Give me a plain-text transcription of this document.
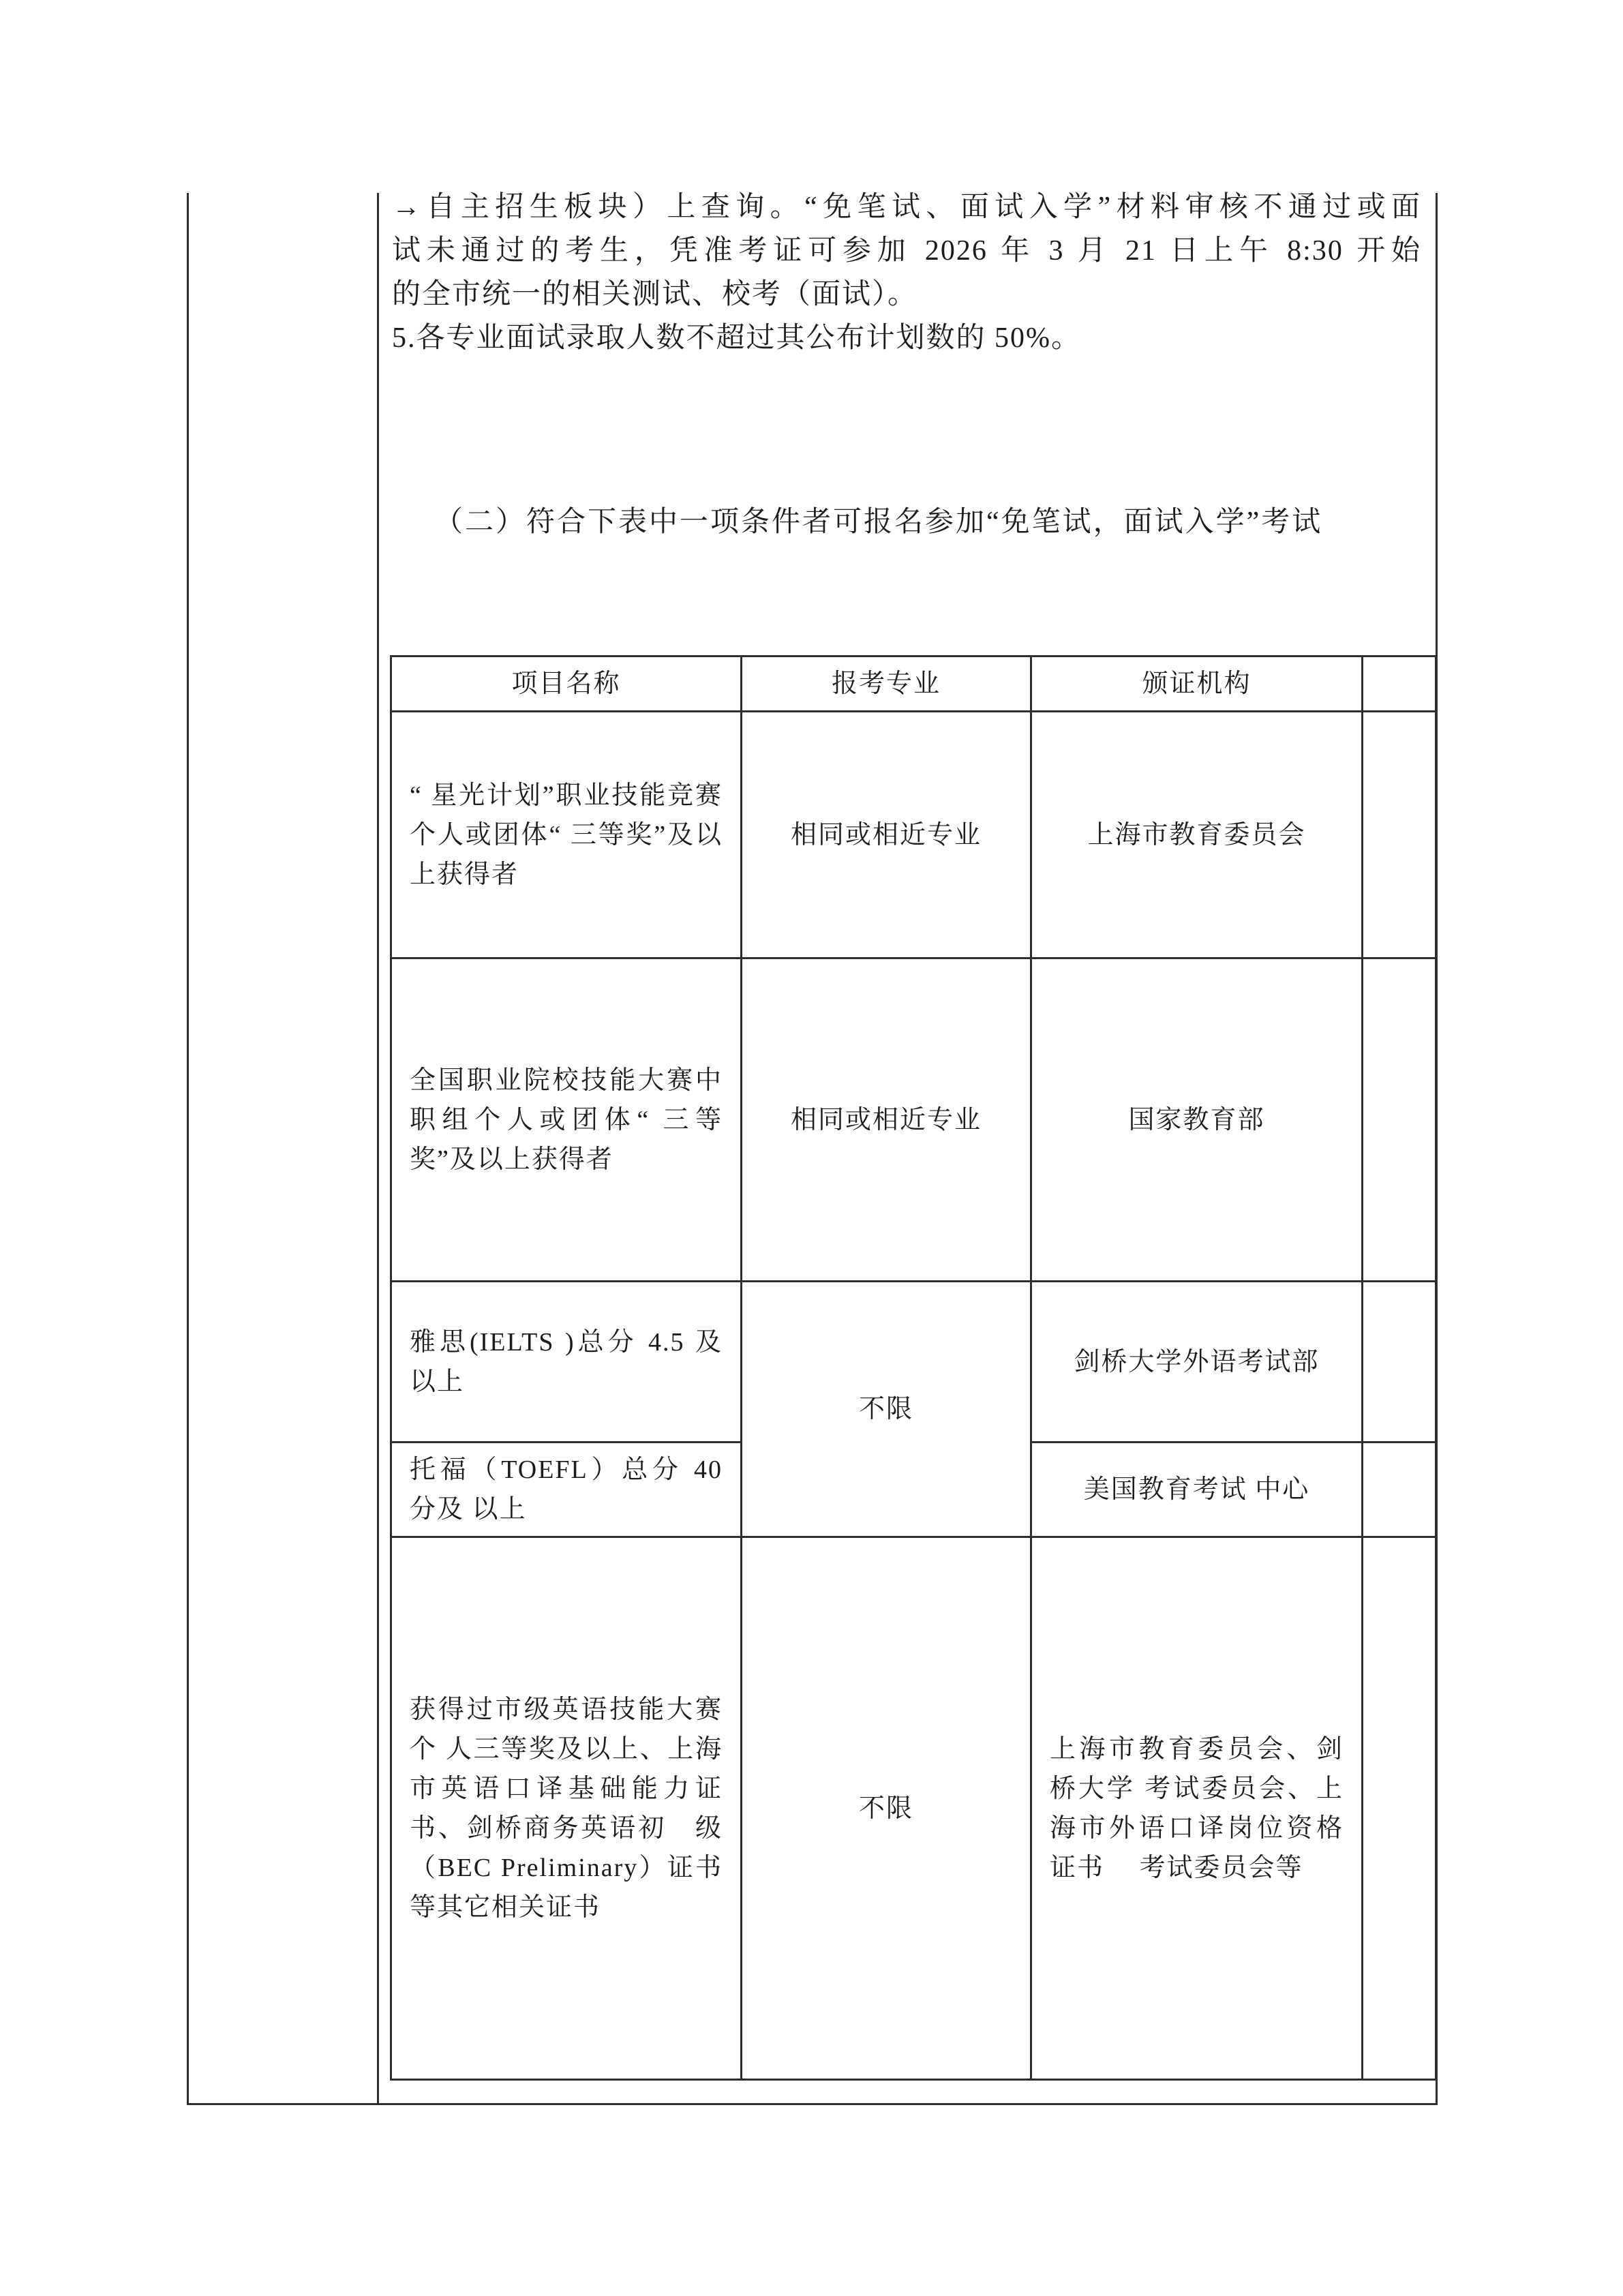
→自主招生板块）上查询。“免笔试、面试入学”材料审核不通过或面
试未通过的考生，凭准考证可参加 2026 年 3 月 21 日上午 8:30 开始
的全市统一的相关测试、校考（面试）。
5.各专业面试录取人数不超过其公布计划数的 50%。
（二）符合下表中一项条件者可报名参加“免笔试，面试入学”考试
项目名称	报考专业	颁证机构	
“ 星光计划”职业技能竞赛个人或团体“ 三等奖”及以上获得者	相同或相近专业	上海市教育委员会	
全国职业院校技能大赛中职组个人或团体“ 三等奖”及以上获得者	相同或相近专业	国家教育部	
雅思(IELTS )总分 4.5 及以上	不限	剑桥大学外语考试部	
托福（TOEFL）总分 40 分及 以上		美国教育考试 中心	
获得过市级英语技能大赛个 人三等奖及以上、上海市英语口译基础能力证书、剑桥商务英语初　级（BEC Preliminary）证书等其它相关证书	不限	上海市教育委员会、剑桥大学 考试委员会、上 海市外语口译岗位资格证书　 考试委员会等	
